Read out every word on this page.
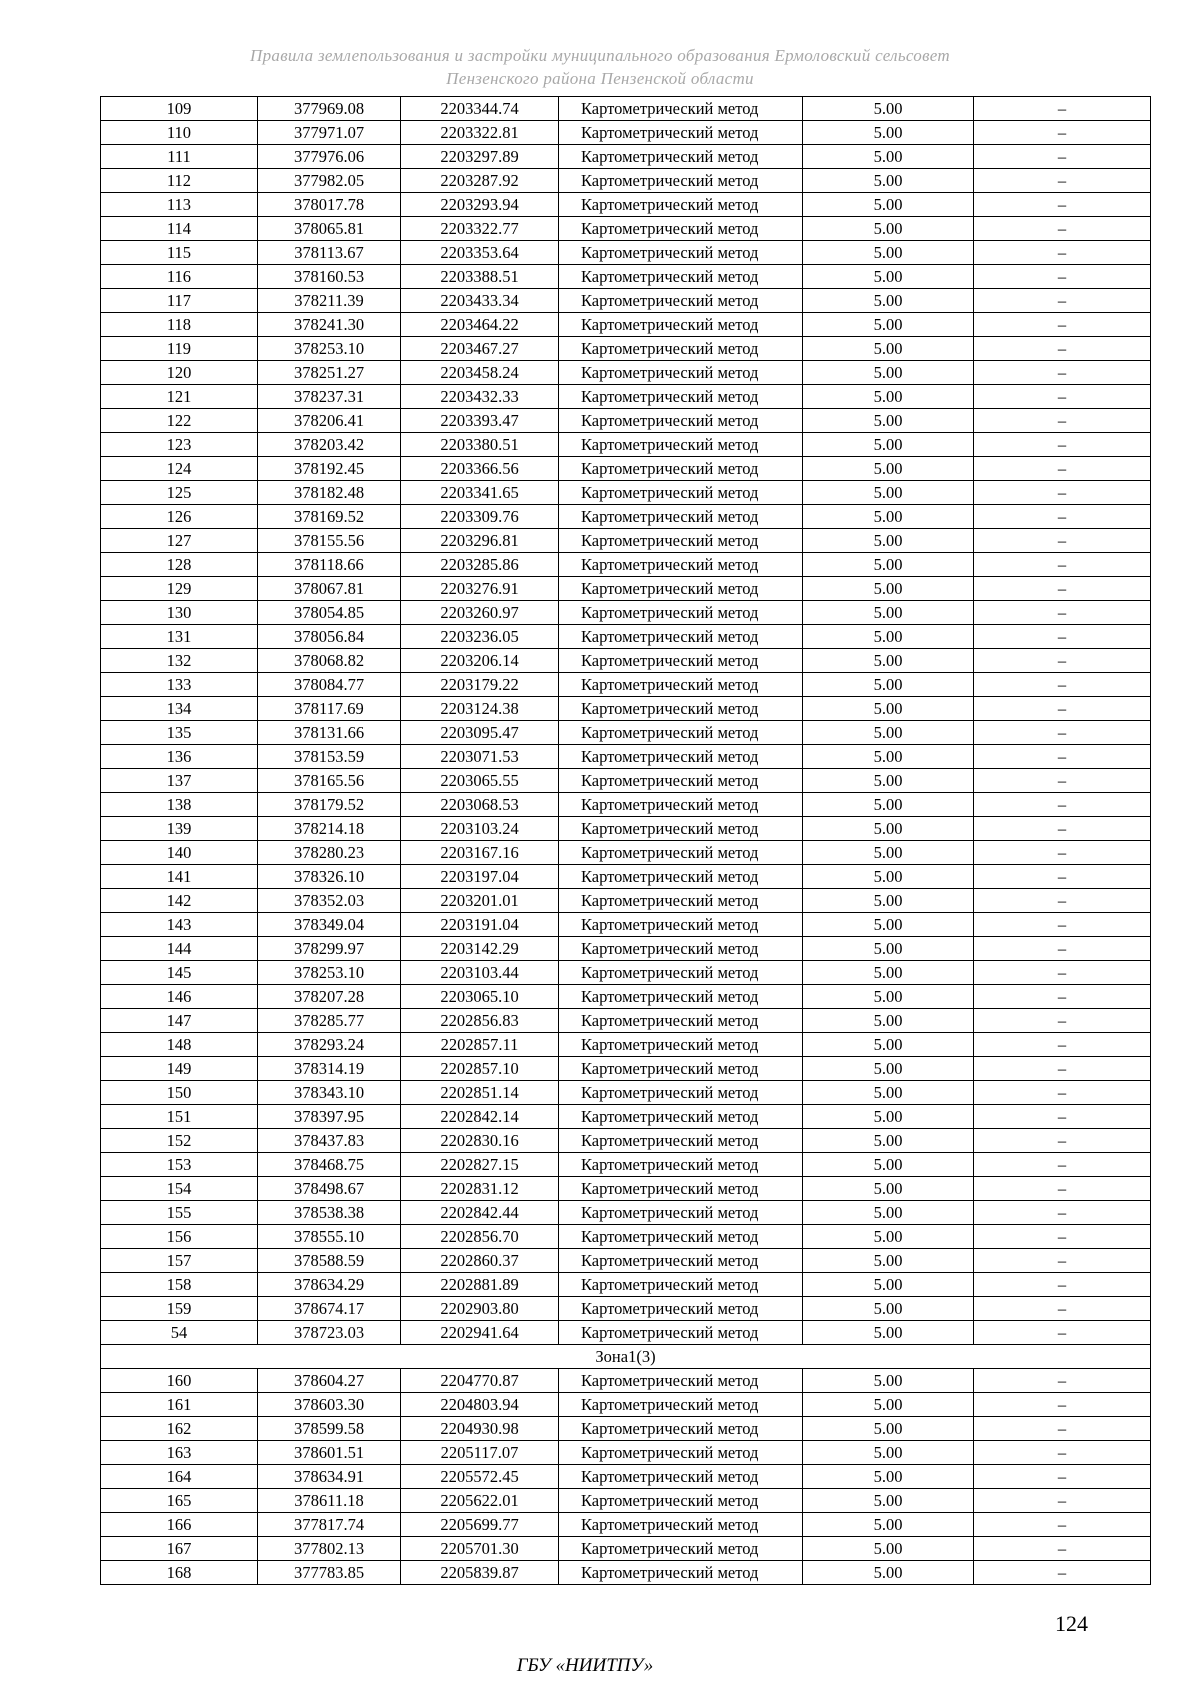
Правила землепользования и застройки муниципального образования Ермоловский сельсовет
Пензенского района Пензенской области
109	377969.08	2203344.74	Картометрический метод	5.00	–
110	377971.07	2203322.81	Картометрический метод	5.00	–
111	377976.06	2203297.89	Картометрический метод	5.00	–
112	377982.05	2203287.92	Картометрический метод	5.00	–
113	378017.78	2203293.94	Картометрический метод	5.00	–
114	378065.81	2203322.77	Картометрический метод	5.00	–
115	378113.67	2203353.64	Картометрический метод	5.00	–
116	378160.53	2203388.51	Картометрический метод	5.00	–
117	378211.39	2203433.34	Картометрический метод	5.00	–
118	378241.30	2203464.22	Картометрический метод	5.00	–
119	378253.10	2203467.27	Картометрический метод	5.00	–
120	378251.27	2203458.24	Картометрический метод	5.00	–
121	378237.31	2203432.33	Картометрический метод	5.00	–
122	378206.41	2203393.47	Картометрический метод	5.00	–
123	378203.42	2203380.51	Картометрический метод	5.00	–
124	378192.45	2203366.56	Картометрический метод	5.00	–
125	378182.48	2203341.65	Картометрический метод	5.00	–
126	378169.52	2203309.76	Картометрический метод	5.00	–
127	378155.56	2203296.81	Картометрический метод	5.00	–
128	378118.66	2203285.86	Картометрический метод	5.00	–
129	378067.81	2203276.91	Картометрический метод	5.00	–
130	378054.85	2203260.97	Картометрический метод	5.00	–
131	378056.84	2203236.05	Картометрический метод	5.00	–
132	378068.82	2203206.14	Картометрический метод	5.00	–
133	378084.77	2203179.22	Картометрический метод	5.00	–
134	378117.69	2203124.38	Картометрический метод	5.00	–
135	378131.66	2203095.47	Картометрический метод	5.00	–
136	378153.59	2203071.53	Картометрический метод	5.00	–
137	378165.56	2203065.55	Картометрический метод	5.00	–
138	378179.52	2203068.53	Картометрический метод	5.00	–
139	378214.18	2203103.24	Картометрический метод	5.00	–
140	378280.23	2203167.16	Картометрический метод	5.00	–
141	378326.10	2203197.04	Картометрический метод	5.00	–
142	378352.03	2203201.01	Картометрический метод	5.00	–
143	378349.04	2203191.04	Картометрический метод	5.00	–
144	378299.97	2203142.29	Картометрический метод	5.00	–
145	378253.10	2203103.44	Картометрический метод	5.00	–
146	378207.28	2203065.10	Картометрический метод	5.00	–
147	378285.77	2202856.83	Картометрический метод	5.00	–
148	378293.24	2202857.11	Картометрический метод	5.00	–
149	378314.19	2202857.10	Картометрический метод	5.00	–
150	378343.10	2202851.14	Картометрический метод	5.00	–
151	378397.95	2202842.14	Картометрический метод	5.00	–
152	378437.83	2202830.16	Картометрический метод	5.00	–
153	378468.75	2202827.15	Картометрический метод	5.00	–
154	378498.67	2202831.12	Картометрический метод	5.00	–
155	378538.38	2202842.44	Картометрический метод	5.00	–
156	378555.10	2202856.70	Картометрический метод	5.00	–
157	378588.59	2202860.37	Картометрический метод	5.00	–
158	378634.29	2202881.89	Картометрический метод	5.00	–
159	378674.17	2202903.80	Картометрический метод	5.00	–
54	378723.03	2202941.64	Картометрический метод	5.00	–
Зона1(3)					
160	378604.27	2204770.87	Картометрический метод	5.00	–
161	378603.30	2204803.94	Картометрический метод	5.00	–
162	378599.58	2204930.98	Картометрический метод	5.00	–
163	378601.51	2205117.07	Картометрический метод	5.00	–
164	378634.91	2205572.45	Картометрический метод	5.00	–
165	378611.18	2205622.01	Картометрический метод	5.00	–
166	377817.74	2205699.77	Картометрический метод	5.00	–
167	377802.13	2205701.30	Картометрический метод	5.00	–
168	377783.85	2205839.87	Картометрический метод	5.00	–
124
ГБУ «НИИТПУ»
